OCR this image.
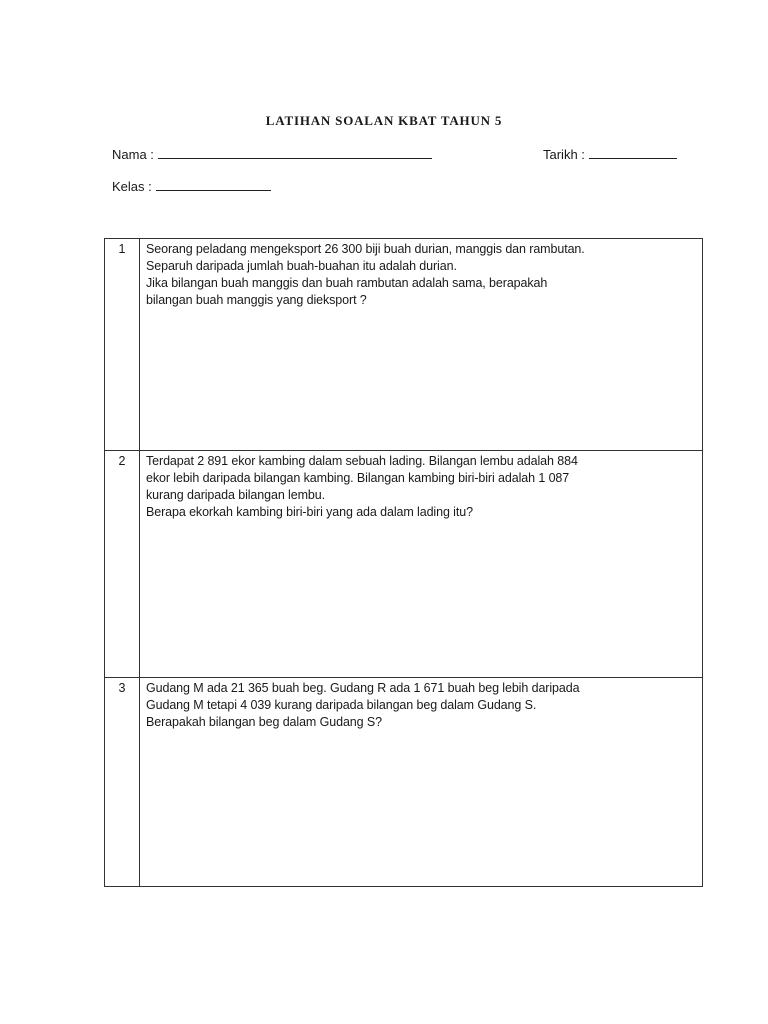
LATIHAN SOALAN KBAT TAHUN 5
Nama :	Tarikh :
Kelas :
1	Seorang peladang mengeksport 26 300 biji buah durian, manggis dan rambutan.
Separuh daripada jumlah buah-buahan itu adalah durian.
Jika bilangan buah manggis dan buah rambutan adalah sama, berapakah
bilangan buah manggis yang dieksport ?

2	Terdapat 2 891 ekor kambing dalam sebuah lading. Bilangan lembu adalah 884
ekor lebih daripada bilangan kambing. Bilangan kambing biri-biri adalah 1 087
kurang daripada bilangan lembu.
Berapa ekorkah kambing biri-biri yang ada dalam lading itu?

3	Gudang M ada 21 365 buah beg. Gudang R ada 1 671 buah beg lebih daripada
Gudang M tetapi 4 039 kurang daripada bilangan beg dalam Gudang S.
Berapakah bilangan beg dalam Gudang S?
